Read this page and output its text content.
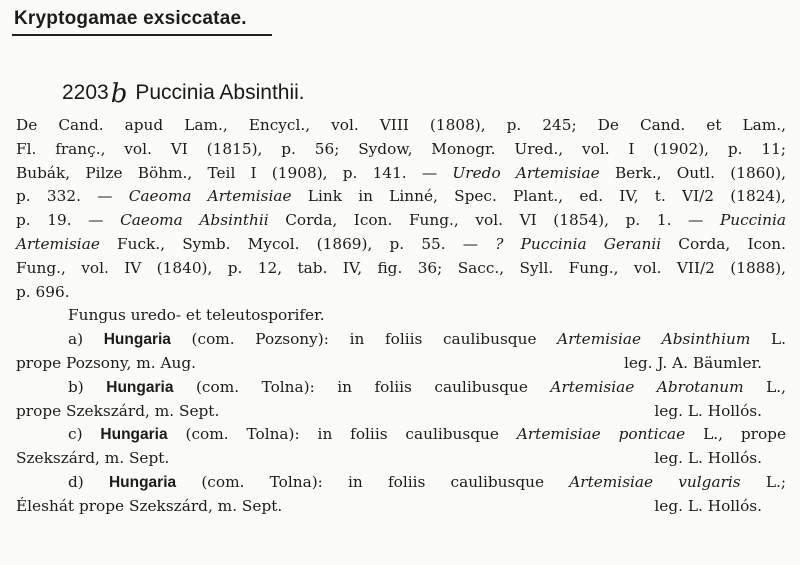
Kryptogamae exsiccatae.
2203b Puccinia Absinthii.
De Cand. apud Lam., Encycl., vol. VIII (1808), p. 245; De Cand. et Lam.,
Fl. franç., vol. VI (1815), p. 56; Sydow, Monogr. Ured., vol. I (1902), p. 11;
Bubák, Pilze Böhm., Teil I (1908), p. 141. — Uredo Artemisiae Berk., Outl. (1860),
p. 332. — Caeoma Artemisiae Link in Linné, Spec. Plant., ed. IV, t. VI/2 (1824),
p. 19. — Caeoma Absinthii Corda, Icon. Fung., vol. VI (1854), p. 1. — Puccinia
Artemisiae Fuck., Symb. Mycol. (1869), p. 55. — ? Puccinia Geranii Corda, Icon.
Fung., vol. IV (1840), p. 12, tab. IV, fig. 36; Sacc., Syll. Fung., vol. VII/2 (1888),
p. 696.
Fungus uredo- et teleutosporifer.
a) Hungaria (com. Pozsony): in foliis caulibusque Artemisiae Absinthium L.
prope Pozsony, m. Aug.	leg. J. A. Bäumler.
b) Hungaria (com. Tolna): in foliis caulibusque Artemisiae Abrotanum L.,
prope Szekszárd, m. Sept.	leg. L. Hollós.
c) Hungaria (com. Tolna): in foliis caulibusque Artemisiae ponticae L., prope
Szekszárd, m. Sept.	leg. L. Hollós.
d) Hungaria (com. Tolna): in foliis caulibusque Artemisiae vulgaris L.;
Éleshát prope Szekszárd, m. Sept.	leg. L. Hollós.
